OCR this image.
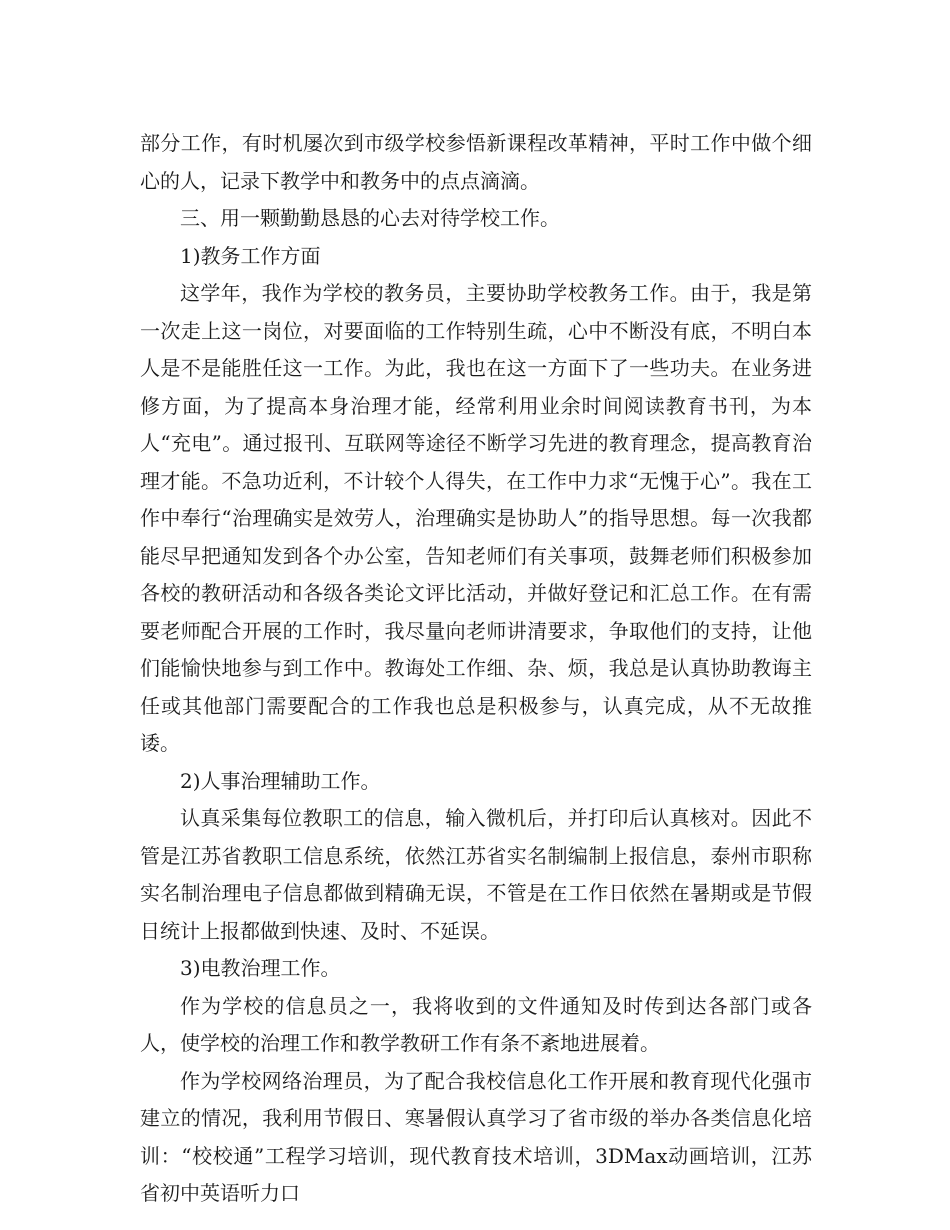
部分工作，有时机屡次到市级学校参悟新课程改革精神，平时工作中做个细心的人，记录下教学中和教务中的点点滴滴。

三、用一颗勤勤恳恳的心去对待学校工作。

1)教务工作方面

这学年，我作为学校的教务员，主要协助学校教务工作。由于，我是第一次走上这一岗位，对要面临的工作特别生疏，心中不断没有底，不明白本人是不是能胜任这一工作。为此，我也在这一方面下了一些功夫。在业务进修方面，为了提高本身治理才能，经常利用业余时间阅读教育书刊，为本人“充电”。通过报刊、互联网等途径不断学习先进的教育理念，提高教育治理才能。不急功近利，不计较个人得失，在工作中力求“无愧于心”。我在工作中奉行“治理确实是效劳人，治理确实是协助人”的指导思想。每一次我都能尽早把通知发到各个办公室，告知老师们有关事项，鼓舞老师们积极参加各校的教研活动和各级各类论文评比活动，并做好登记和汇总工作。在有需要老师配合开展的工作时，我尽量向老师讲清要求，争取他们的支持，让他们能愉快地参与到工作中。教诲处工作细、杂、烦，我总是认真协助教诲主任或其他部门需要配合的工作我也总是积极参与，认真完成，从不无故推诿。

2)人事治理辅助工作。

认真采集每位教职工的信息，输入微机后，并打印后认真核对。因此不管是江苏省教职工信息系统，依然江苏省实名制编制上报信息，泰州市职称实名制治理电子信息都做到精确无误，不管是在工作日依然在暑期或是节假日统计上报都做到快速、及时、不延误。

3)电教治理工作。

作为学校的信息员之一，我将收到的文件通知及时传到达各部门或各人，使学校的治理工作和教学教研工作有条不紊地进展着。

作为学校网络治理员，为了配合我校信息化工作开展和教育现代化强市建立的情况，我利用节假日、寒暑假认真学习了省市级的举办各类信息化培训：“校校通”工程学习培训，现代教育技术培训，3DMax动画培训，江苏省初中英语听力口
